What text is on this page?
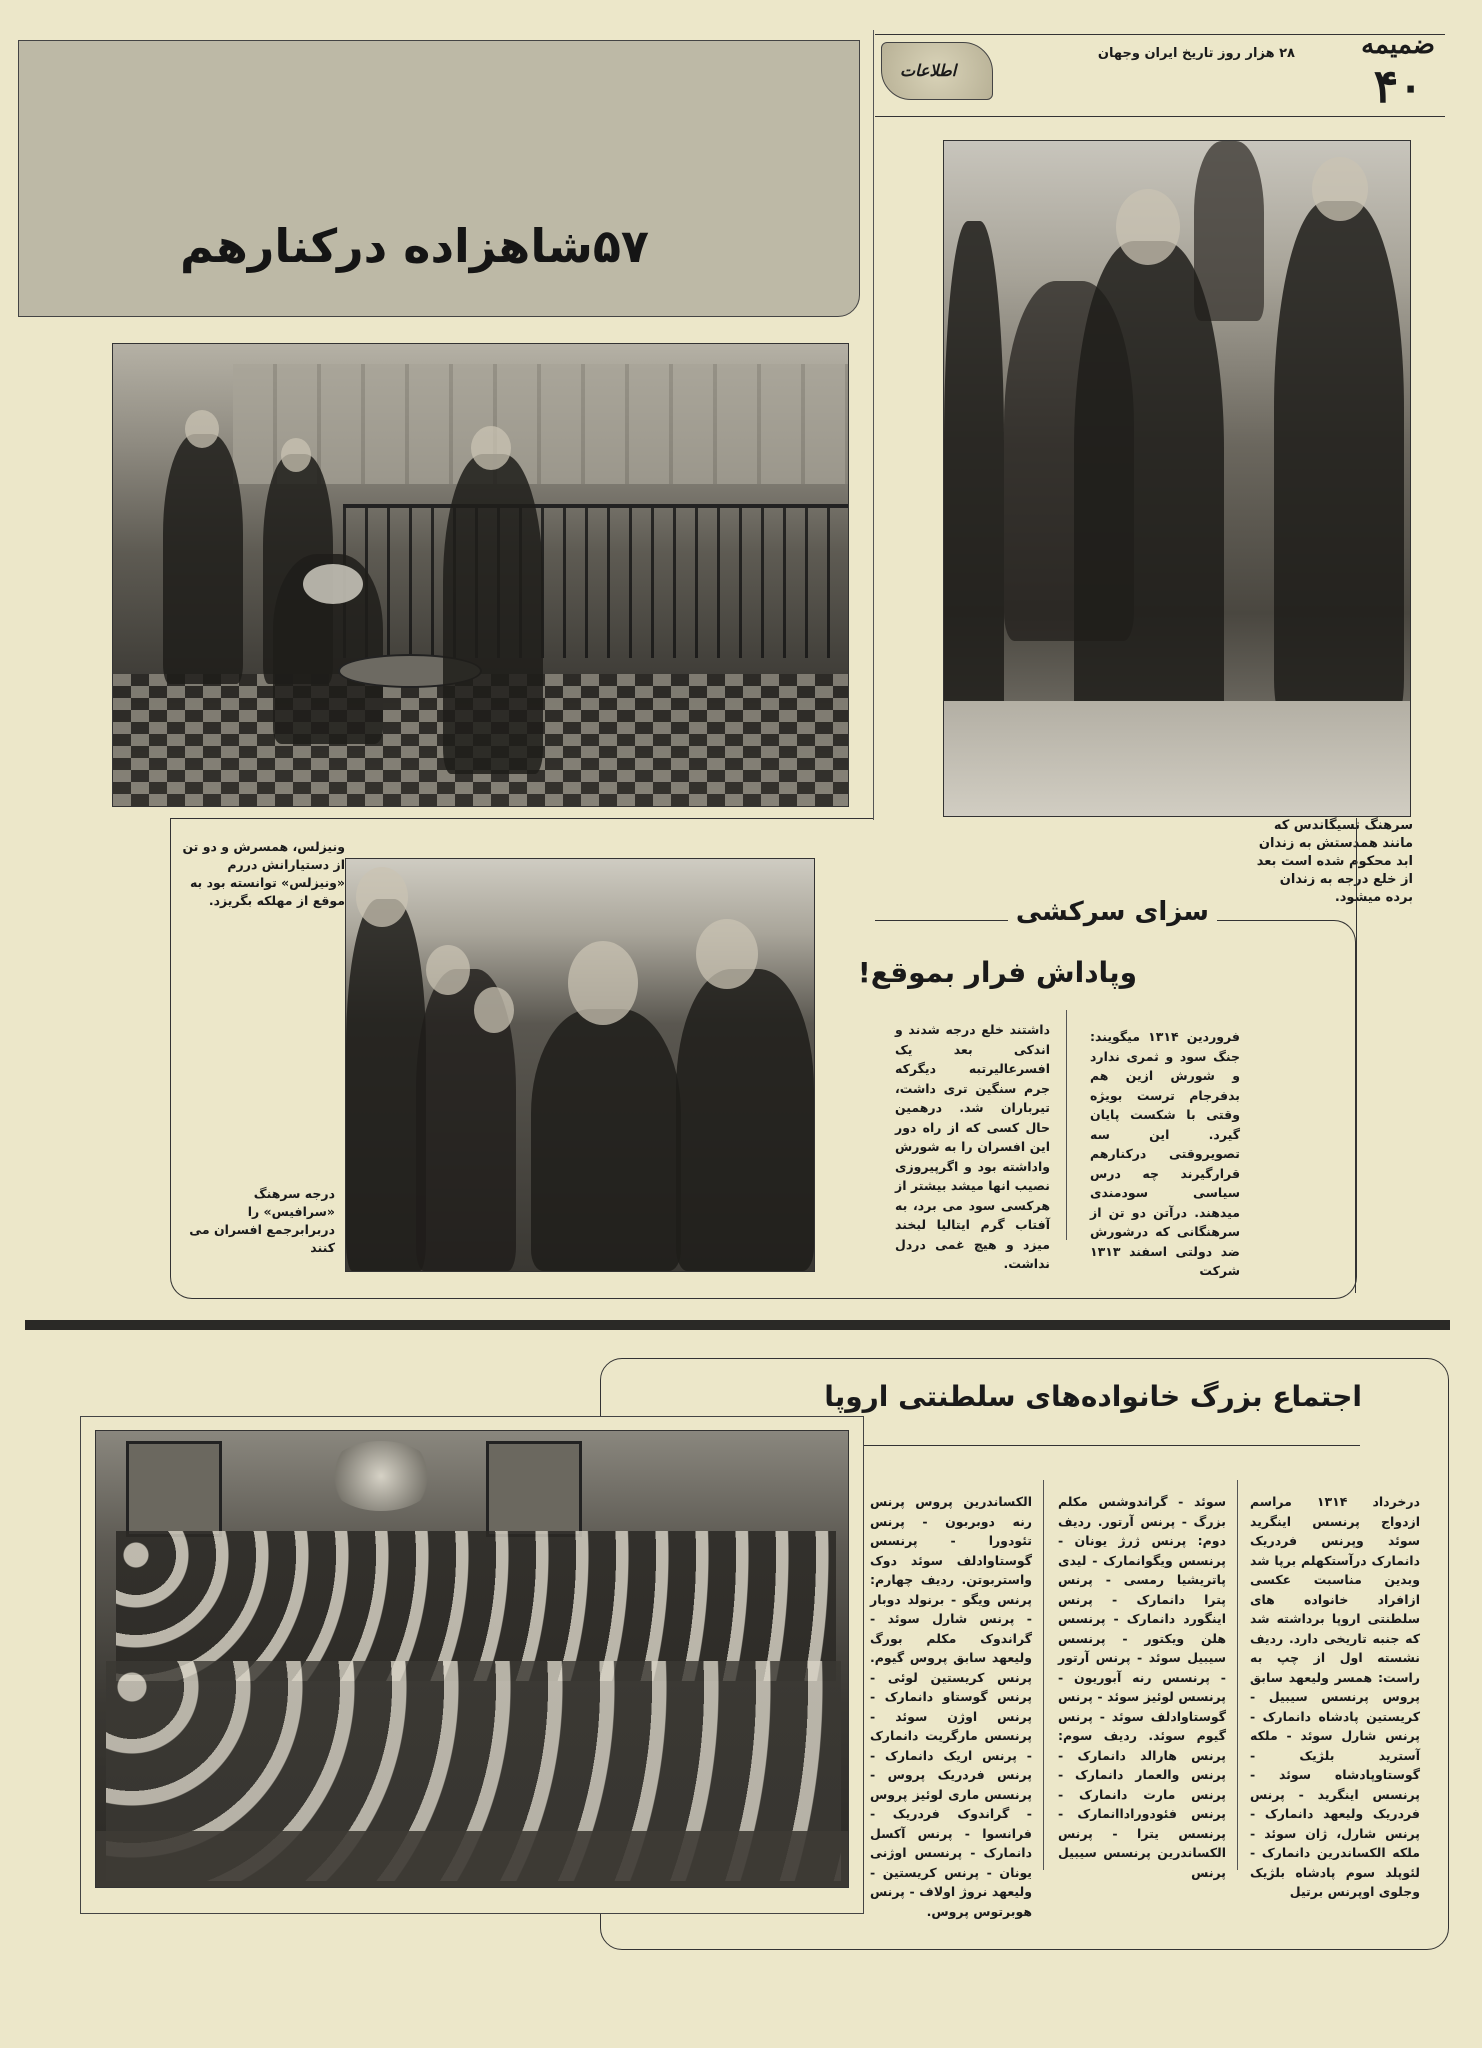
ضمیمه
۴۰
۲۸ هزار روز تاریخ ایران وجهان
اطلاعات
۵۷شاهزاده درکنارهم
سرهنگ تسیگاندس که مانند همدستش به زندان ابد محکوم شده است بعد از خلع درجه به زندان برده میشود.
ونیزلس، همسرش و دو تن از دستیارانش دررم «ونیزلس» توانسته بود به موقع از مهلکه بگریزد.
درجه سرهنگ «سرافیس» را دربرابرجمع افسران می کنند
سزای سرکشی
وپاداش فرار بموقع!
فروردین ۱۳۱۴ میگویند: جنگ سود و ثمری ندارد و شورش ازین هم بدفرجام ترست بویژه وقتی با شکست پایان گیرد. این سه تصویروقتی درکنارهم قرارگیرند چه درس سیاسی سودمندی میدهند. درآتن دو تن از سرهنگانی که درشورش ضد دولتی اسفند ۱۳۱۳ شرکت
داشتند خلع درجه شدند و اندکی بعد یک افسرعالیرتبه دیگرکه جرم سنگین تری داشت، تیرباران شد. درهمین حال کسی که از راه دور این افسران را به شورش واداشته بود و اگرپیروزی نصیب انها میشد بیشتر از هرکسی سود می برد، به آفتاب گرم ایتالیا لبخند میزد و هیچ غمی دردل نداشت.
اجتماع بزرگ خانواده‌های سلطنتی اروپا
درخرداد ۱۳۱۴ مراسم ازدواج پرنسس اینگرید سوئد وپرنس فردریک دانمارک درآستکهلم برپا شد وبدین مناسبت عکسی ازافراد خانواده های سلطنتی اروپا برداشته شد که جنبه تاریخی دارد. ردیف نشسته اول از چپ به راست: همسر ولیعهد سابق پروس پرنسس سیبیل - کریستین پادشاه دانمارک - پرنس شارل سوئد - ملکه آستريد بلژیک - گوستاوپادشاه سوئد - پرنسس اینگرید - پرنس فردریک ولیعهد دانمارک - پرنس شارل، ژان سوئد - ملکه الکساندرین دانمارک - لئوپلد سوم پادشاه بلژیک وجلوی اوپرنس برتیل
سوئد - گراندوشس مکلم بزرگ - پرنس آرتور. ردیف دوم: پرنس ژرژ یونان - پرنسس ویگوانمارک - لیدی پاتریشیا رمسی - پرنس پترا دانمارک - پرنس اینگورد دانمارک - پرنسس هلن ویکتور - پرنسس سیبیل سوئد - پرنس آرتور - پرنسس رنه آبوریون - پرنسس لوئیز سوئد - پرنس گوستاوادلف سوئد - پرنس گیوم سوئد. ردیف سوم: پرنس هارالد دانمارک - پرنس والعمار دانمارک - پرنس مارت دانمارک - پرنس فئودوراداانمارک - پرنسس یترا - پرنس الکساندرین پرنسس سیبیل پرنس
الکساندرین پروس پرنس رنه دوبربون - پرنس تئودورا - پرنسس گوستاوادلف سوئد دوک واستربوتن. ردیف چهارم: پرنس ویگو - برنولد دوبار - پرنس شارل سوئد - گراندوک مکلم بورگ ولیعهد سابق پروس گیوم. پرنس کریستین لوئی - پرنس گوستاو دانمارک - پرنس اوژن سوئد - پرنسس مارگریت دانمارک - پرنس اریک دانمارک - پرنس فردریک پروس - پرنسس ماری لوئیز پروس - گراندوک فردریک - فرانسوا - پرنس آکسل دانمارک - پرنسس اوژنی یونان - پرنس کریستین - ولیعهد نروژ اولاف - پرنس هوبرتوس پروس.
